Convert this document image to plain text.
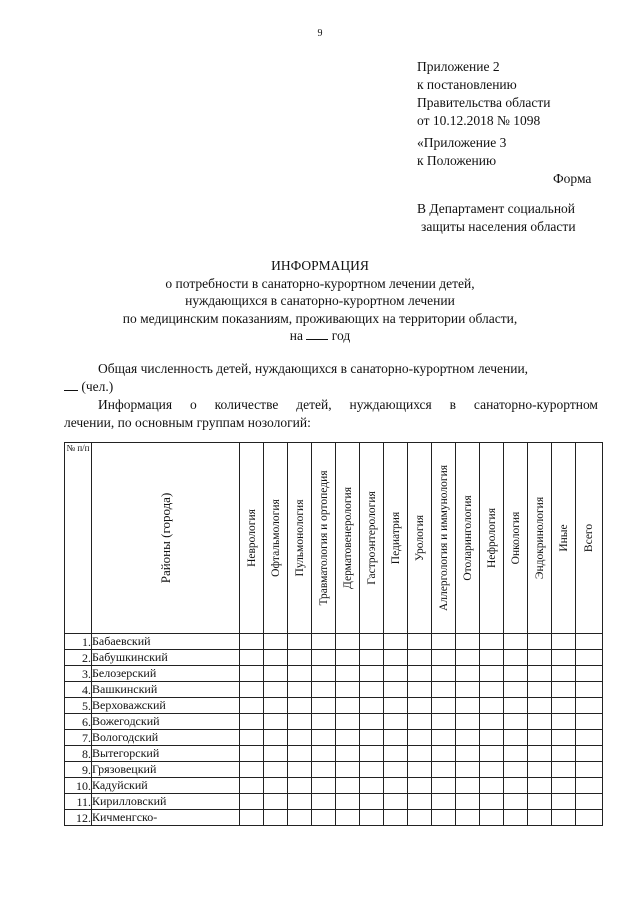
9
Приложение 2
к постановлению
Правительства области
от 10.12.2018 № 1098
«Приложение 3
к Положению
Форма
В Департамент социальной
защиты населения области
ИНФОРМАЦИЯ
о потребности в санаторно-курортном лечении детей,
нуждающихся в санаторно-курортном лечении
по медицинским показаниям, проживающих на территории области,
на год
Общая численность детей, нуждающихся в санаторно-курортном лечении,
(чел.)
Информация о количестве детей, нуждающихся в санаторно-курортном
лечении, по основным группам нозологий:
№ п/п	Районы (города)	Неврология	Офтальмология	Пульмонология	Травматология и ортопедия	Дерматовенерология	Гастроэнтерология	Педиатрия	Урология	Аллергология и иммунология	Отоларингология	Нефрология	Онкология	Эндокринология	Иные	Всего

1.	Бабаевский															
2.	Бабушкинский															
3.	Белозерский															
4.	Вашкинский															
5.	Верховажский															
6.	Вожегодский															
7.	Вологодский															
8.	Вытегорский															
9.	Грязовецкий															
10.	Кадуйский															
11.	Кирилловский															
12.	Кичменгско-															
